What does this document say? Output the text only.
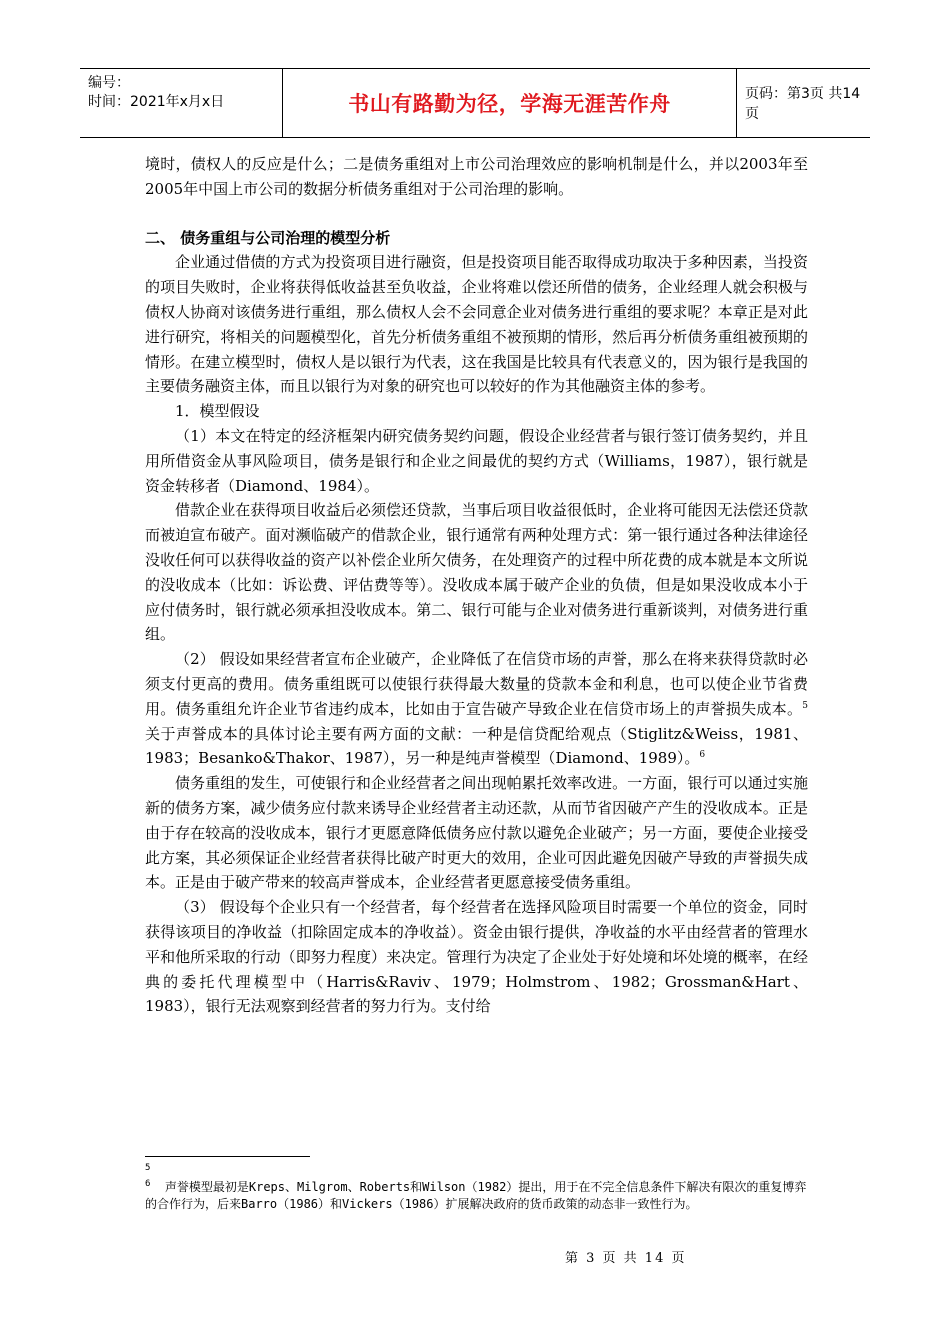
编号：
时间：2021年x月x日	书山有路勤为径，学海无涯苦作舟	页码：第3页 共14页

境时，债权人的反应是什么；二是债务重组对上市公司治理效应的影响机制是什么，并以2003年至2005年中国上市公司的数据分析债务重组对于公司治理的影响。

二、 债务重组与公司治理的模型分析

企业通过借债的方式为投资项目进行融资，但是投资项目能否取得成功取决于多种因素，当投资的项目失败时，企业将获得低收益甚至负收益，企业将难以偿还所借的债务，企业经理人就会积极与债权人协商对该债务进行重组，那么债权人会不会同意企业对债务进行重组的要求呢？本章正是对此进行研究，将相关的问题模型化，首先分析债务重组不被预期的情形，然后再分析债务重组被预期的情形。在建立模型时，债权人是以银行为代表，这在我国是比较具有代表意义的，因为银行是我国的主要债务融资主体，而且以银行为对象的研究也可以较好的作为其他融资主体的参考。

1．模型假设

（1）本文在特定的经济框架内研究债务契约问题，假设企业经营者与银行签订债务契约，并且用所借资金从事风险项目，债务是银行和企业之间最优的契约方式（Williams，1987），银行就是资金转移者（Diamond、1984）。

借款企业在获得项目收益后必须偿还贷款，当事后项目收益很低时，企业将可能因无法偿还贷款而被迫宣布破产。面对濒临破产的借款企业，银行通常有两种处理方式：第一银行通过各种法律途径没收任何可以获得收益的资产以补偿企业所欠债务，在处理资产的过程中所花费的成本就是本文所说的没收成本（比如：诉讼费、评估费等等）。没收成本属于破产企业的负债，但是如果没收成本小于应付债务时，银行就必须承担没收成本。第二、银行可能与企业对债务进行重新谈判，对债务进行重组。

（2） 假设如果经营者宣布企业破产，企业降低了在信贷市场的声誉，那么在将来获得贷款时必须支付更高的费用。债务重组既可以使银行获得最大数量的贷款本金和利息，也可以使企业节省费用。债务重组允许企业节省违约成本，比如由于宣告破产导致企业在信贷市场上的声誉损失成本。$^5$关于声誉成本的具体讨论主要有两方面的文献：一种是信贷配给观点（Stiglitz&Weiss，1981、1983；Besanko&Thakor、1987），另一种是纯声誉模型（Diamond、1989）。$^6$

债务重组的发生，可使银行和企业经营者之间出现帕累托效率改进。一方面，银行可以通过实施新的债务方案，减少债务应付款来诱导企业经营者主动还款，从而节省因破产产生的没收成本。正是由于存在较高的没收成本，银行才更愿意降低债务应付款以避免企业破产；另一方面，要使企业接受此方案，其必须保证企业经营者获得比破产时更大的效用，企业可因此避免因破产导致的声誉损失成本。正是由于破产带来的较高声誉成本，企业经营者更愿意接受债务重组。

（3） 假设每个企业只有一个经营者，每个经营者在选择风险项目时需要一个单位的资金，同时获得该项目的净收益（扣除固定成本的净收益）。资金由银行提供，净收益的水平由经营者的管理水平和他所采取的行动（即努力程度）来决定。管理行为决定了企业处于好处境和坏处境的概率，在经典的委托代理模型中（Harris&Raviv、1979；Holmstrom、1982；Grossman&Hart、1983），银行无法观察到经营者的努力行为。支付给

5
$^6$ 声誉模型最初是Kreps、Milgrom、Roberts和Wilson（1982）提出，用于在不完全信息条件下解决有限次的重复博弈的合作行为，后来Barro（1986）和Vickers（1986）扩展解决政府的货币政策的动态非一致性行为。
第 3 页 共 14 页
